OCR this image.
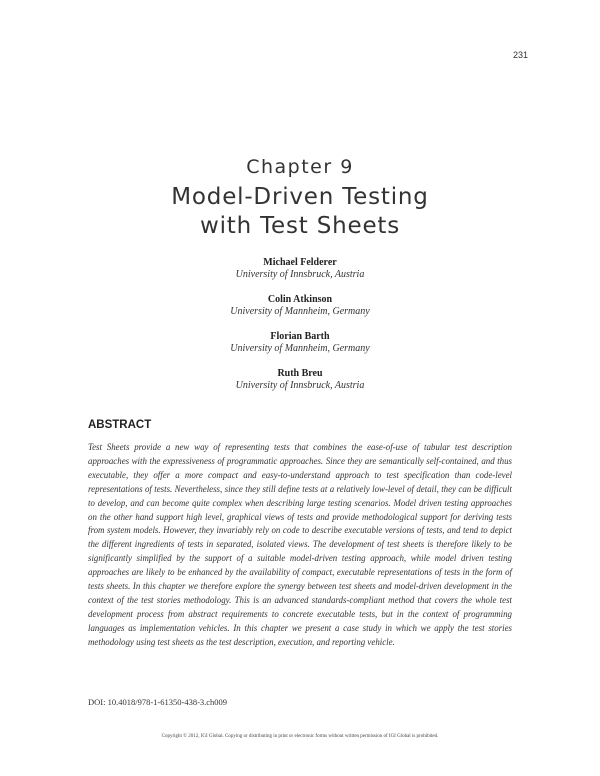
231
Chapter 9
Model-Driven Testing
with Test Sheets
Michael Felderer
University of Innsbruck, Austria
Colin Atkinson
University of Mannheim, Germany
Florian Barth
University of Mannheim, Germany
Ruth Breu
University of Innsbruck, Austria
ABSTRACT

Test Sheets provide a new way of representing tests that combines the ease-of-use of tabular test description approaches with the expressiveness of programmatic approaches. Since they are semantically self-contained, and thus executable, they offer a more compact and easy-to-understand approach to test specification than code-level representations of tests. Nevertheless, since they still define tests at a relatively low-level of detail, they can be difficult to develop, and can become quite complex when describing large testing scenarios. Model driven testing approaches on the other hand support high level, graphical views of tests and provide methodological support for deriving tests from system models. However, they invariably rely on code to describe executable versions of tests, and tend to depict the different ingredients of tests in separated, isolated views. The development of test sheets is therefore likely to be significantly simplified by the support of a suitable model-driven testing approach, while model driven testing approaches are likely to be enhanced by the availability of compact, executable representations of tests in the form of tests sheets. In this chapter we therefore explore the synergy between test sheets and model-driven development in the context of the test stories methodology. This is an advanced standards-compliant method that covers the whole test development process from abstract requirements to concrete executable tests, but in the context of programming languages as implementation vehicles. In this chapter we present a case study in which we apply the test stories methodology using test sheets as the test description, execution, and reporting vehicle.

DOI: 10.4018/978-1-61350-438-3.ch009
Copyright © 2012, IGI Global. Copying or distributing in print or electronic forms without written permission of IGI Global is prohibited.
